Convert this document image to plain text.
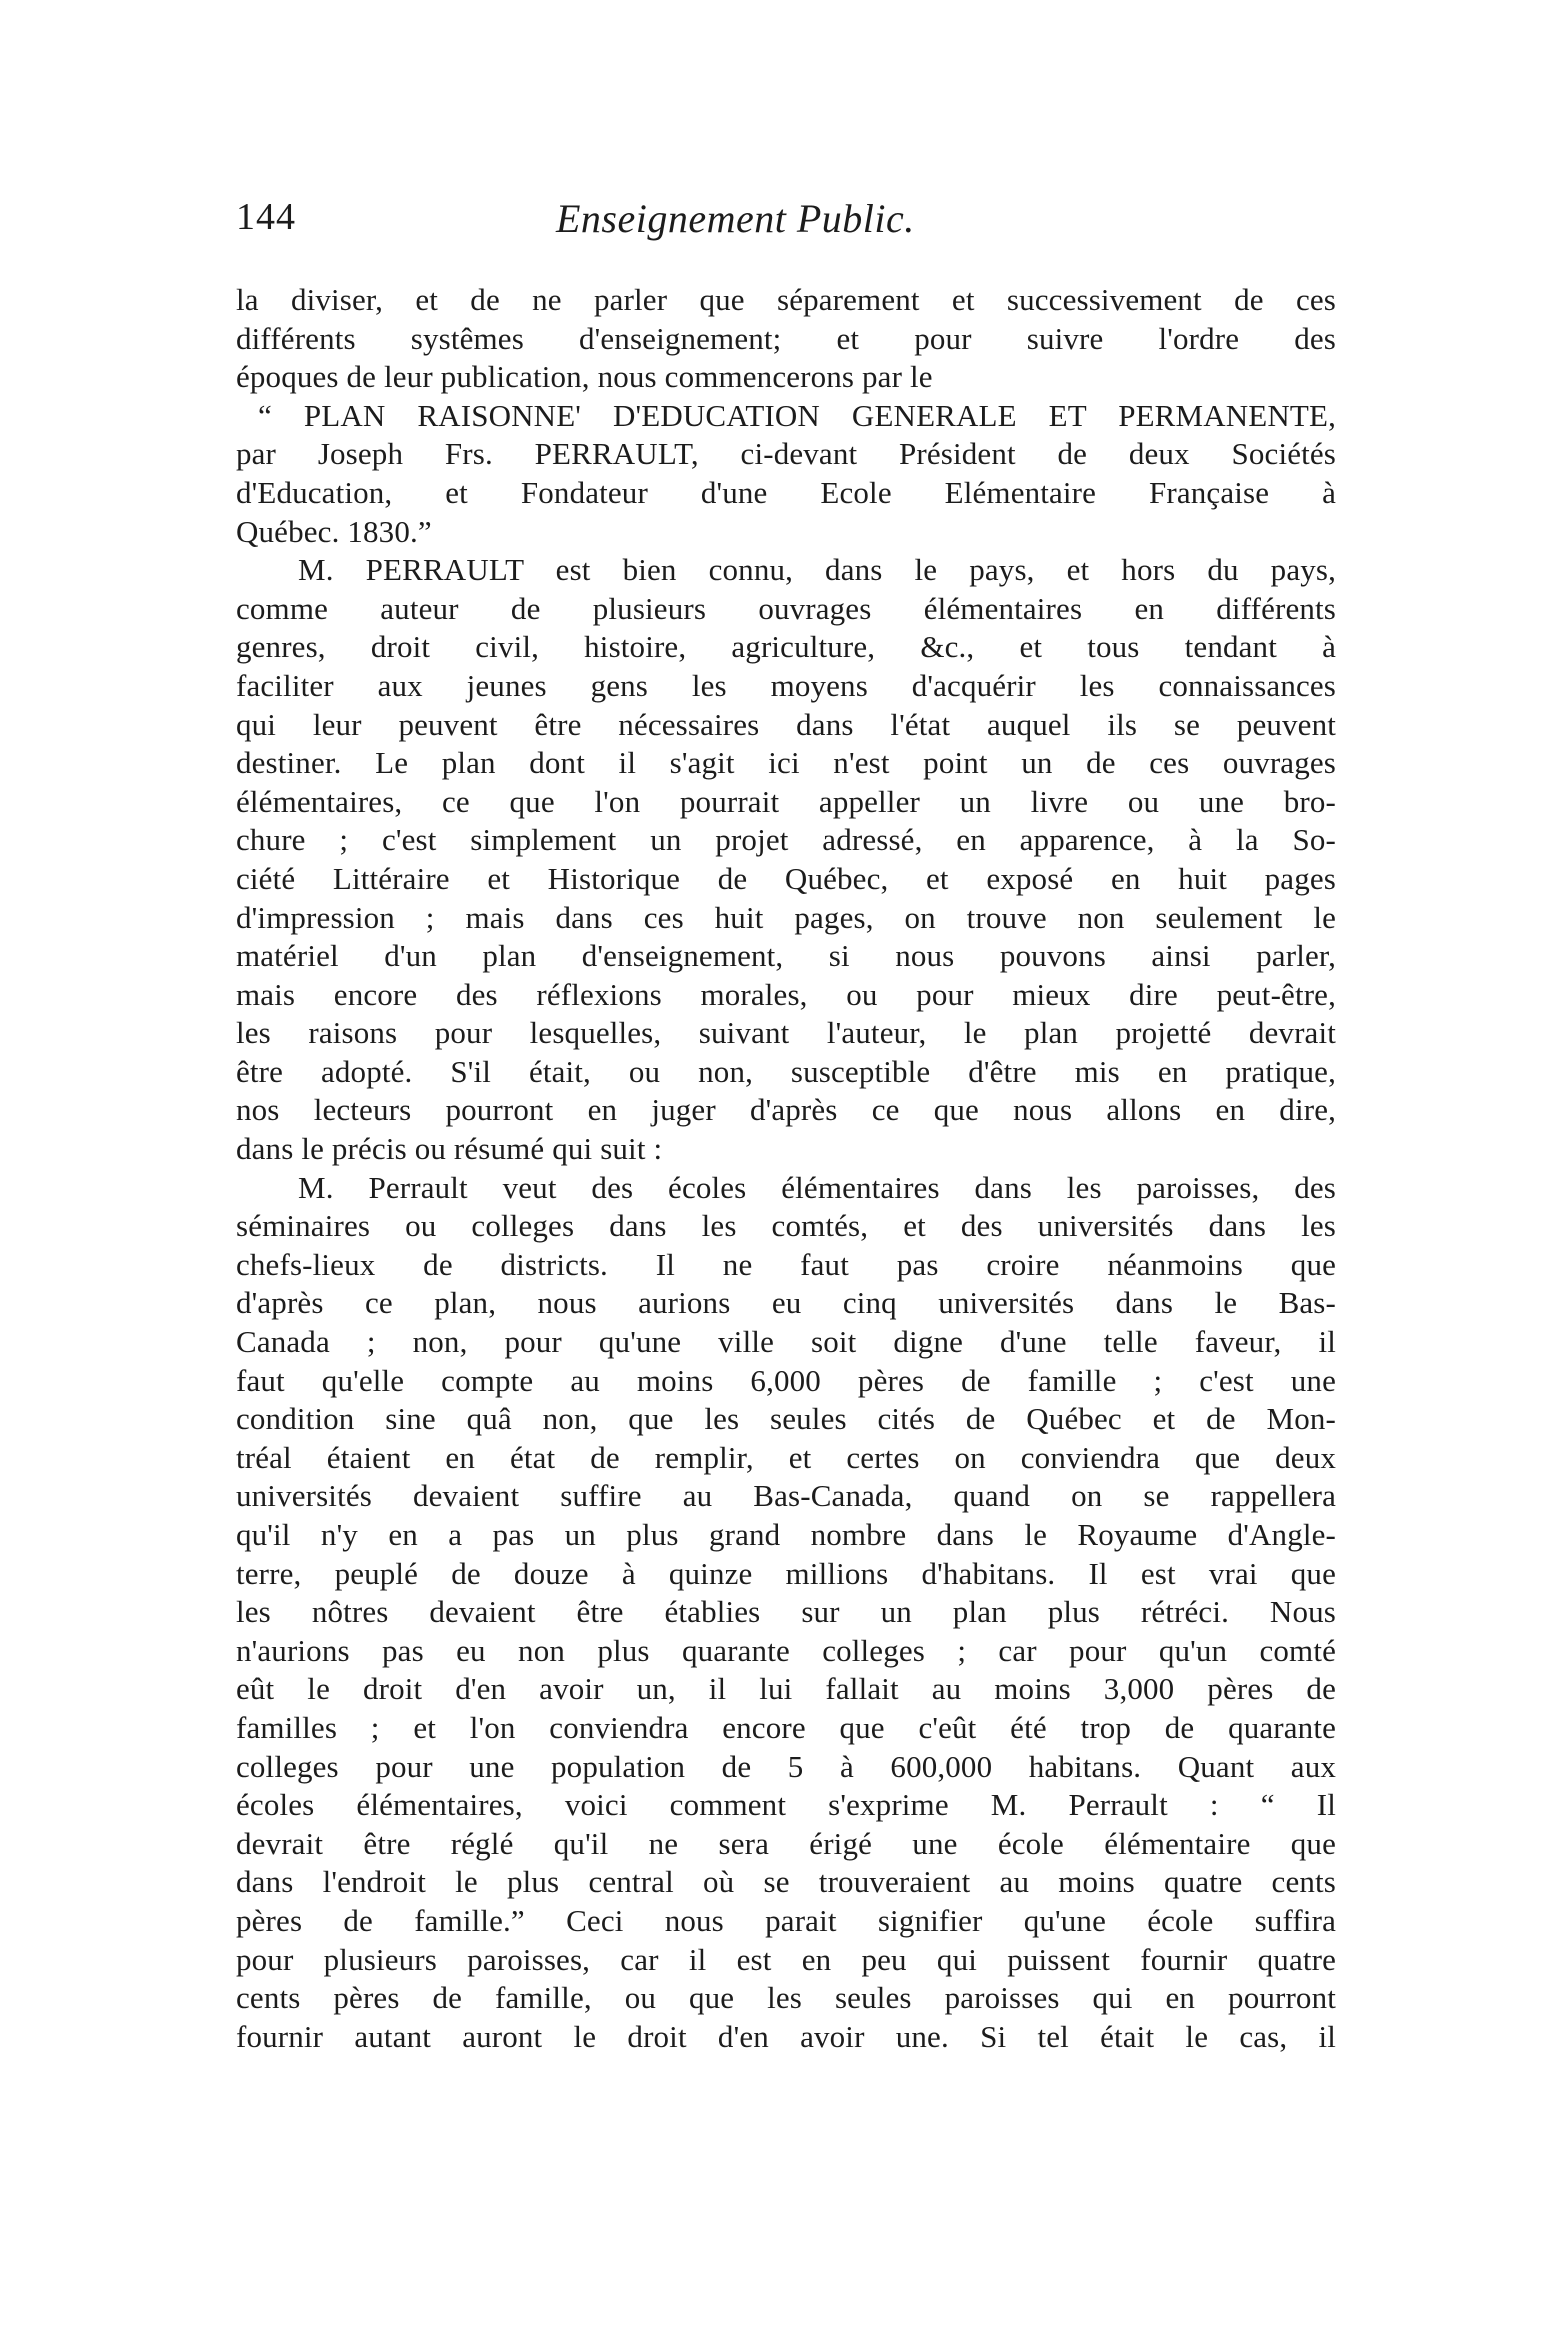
144	Enseignement Public.
la diviser, et de ne parler que séparement et successivement de ces
différents systêmes d'enseignement; et pour suivre l'ordre des
époques de leur publication, nous commencerons par le
“ PLAN RAISONNE' D'EDUCATION GENERALE ET PERMANENTE,
par Joseph Frs. PERRAULT, ci-devant Président de deux Sociétés
d'Education, et Fondateur d'une Ecole Elémentaire Française à
Québec. 1830.”
M. PERRAULT est bien connu, dans le pays, et hors du pays,
comme auteur de plusieurs ouvrages élémentaires en différents
genres, droit civil, histoire, agriculture, &c., et tous tendant à
faciliter aux jeunes gens les moyens d'acquérir les connaissances
qui leur peuvent être nécessaires dans l'état auquel ils se peuvent
destiner. Le plan dont il s'agit ici n'est point un de ces ouvrages
élémentaires, ce que l'on pourrait appeller un livre ou une bro-
chure ; c'est simplement un projet adressé, en apparence, à la So-
ciété Littéraire et Historique de Québec, et exposé en huit pages
d'impression ; mais dans ces huit pages, on trouve non seulement le
matériel d'un plan d'enseignement, si nous pouvons ainsi parler,
mais encore des réflexions morales, ou pour mieux dire peut-être,
les raisons pour lesquelles, suivant l'auteur, le plan projetté devrait
être adopté. S'il était, ou non, susceptible d'être mis en pratique,
nos lecteurs pourront en juger d'après ce que nous allons en dire,
dans le précis ou résumé qui suit :
M. Perrault veut des écoles élémentaires dans les paroisses, des
séminaires ou colleges dans les comtés, et des universités dans les
chefs-lieux de districts. Il ne faut pas croire néanmoins que
d'après ce plan, nous aurions eu cinq universités dans le Bas-
Canada ; non, pour qu'une ville soit digne d'une telle faveur, il
faut qu'elle compte au moins 6,000 pères de famille ; c'est une
condition sine quâ non, que les seules cités de Québec et de Mon-
tréal étaient en état de remplir, et certes on conviendra que deux
universités devaient suffire au Bas-Canada, quand on se rappellera
qu'il n'y en a pas un plus grand nombre dans le Royaume d'Angle-
terre, peuplé de douze à quinze millions d'habitans. Il est vrai que
les nôtres devaient être établies sur un plan plus rétréci. Nous
n'aurions pas eu non plus quarante colleges ; car pour qu'un comté
eût le droit d'en avoir un, il lui fallait au moins 3,000 pères de
familles ; et l'on conviendra encore que c'eût été trop de quarante
colleges pour une population de 5 à 600,000 habitans. Quant aux
écoles élémentaires, voici comment s'exprime M. Perrault : “ Il
devrait être réglé qu'il ne sera érigé une école élémentaire que
dans l'endroit le plus central où se trouveraient au moins quatre cents
pères de famille.” Ceci nous parait signifier qu'une école suffira
pour plusieurs paroisses, car il est en peu qui puissent fournir quatre
cents pères de famille, ou que les seules paroisses qui en pourront
fournir autant auront le droit d'en avoir une. Si tel était le cas, il
